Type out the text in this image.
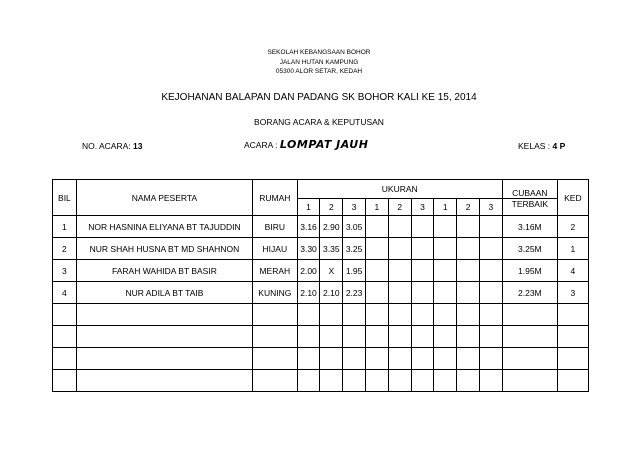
SEKOLAH KEBANGSAAN BOHOR
JALAN HUTAN KAMPUNG
05300 ALOR SETAR, KEDAH
KEJOHANAN BALAPAN DAN PADANG SK BOHOR KALI KE 15, 2014
BORANG ACARA & KEPUTUSAN
NO. ACARA: 13	ACARA : LOMPAT JAUH	KELAS : 4 P
BIL	NAMA PESERTA	RUMAH	UKURAN									CUBAAN	KED
			1	2	3	1	2	3	1	2	3	TERBAIK	
1	NOR HASNINA ELIYANA BT TAJUDDIN	BIRU	3.16	2.90	3.05							3.16M	2
2	NUR SHAH HUSNA BT MD SHAHNON	HIJAU	3.30	3.35	3.25							3.25M	1
3	FARAH WAHIDA BT BASIR	MERAH	2.00	X	1.95							1.95M	4
4	NUR ADILA BT TAIB	KUNING	2.10	2.10	2.23							2.23M	3
